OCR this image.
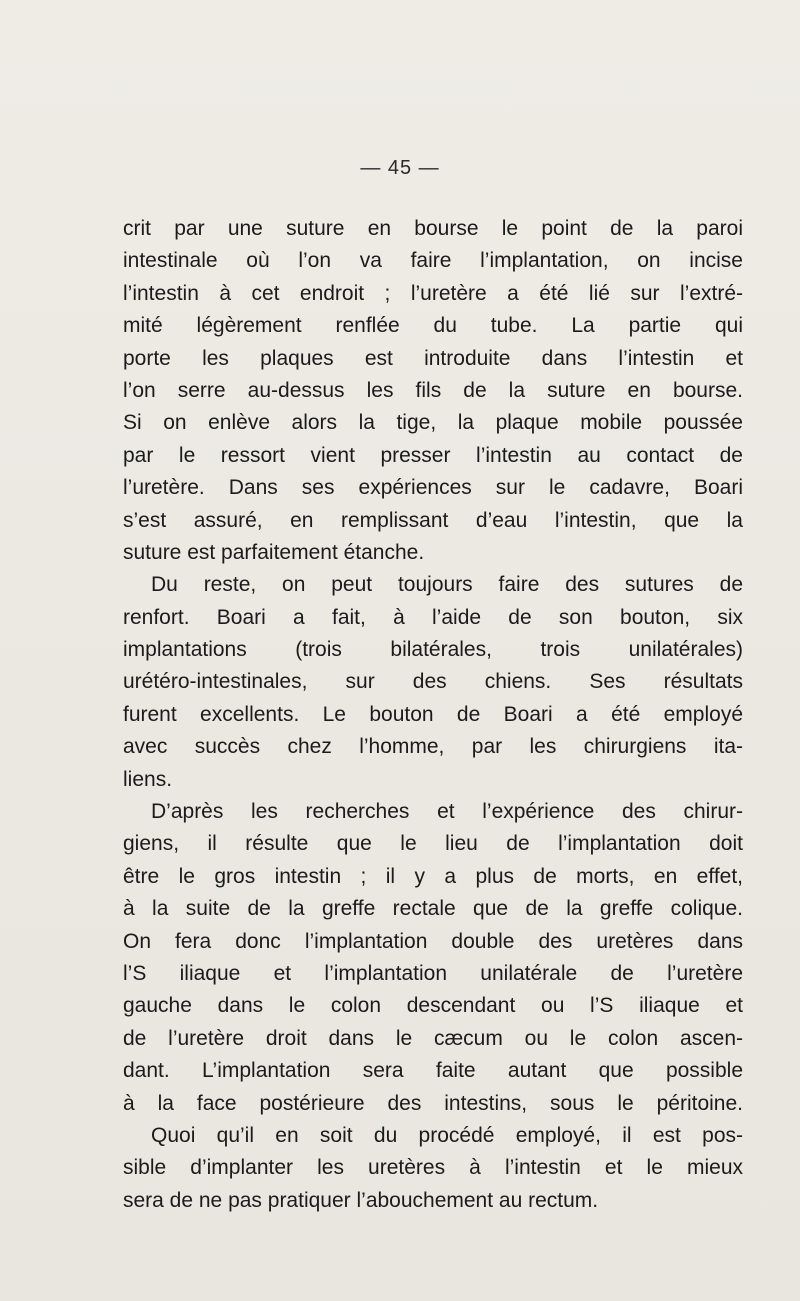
— 45 —
crit par une suture en bourse le point de la paroi
intestinale où l’on va faire l’implantation, on incise
l’intestin à cet endroit ; l’uretère a été lié sur l’extré-
mité légèrement renflée du tube. La partie qui
porte les plaques est introduite dans l’intestin et
l’on serre au-dessus les fils de la suture en bourse.
Si on enlève alors la tige, la plaque mobile poussée
par le ressort vient presser l’intestin au contact de
l’uretère. Dans ses expériences sur le cadavre, Boari
s’est assuré, en remplissant d’eau l’intestin, que la
suture est parfaitement étanche.
Du reste, on peut toujours faire des sutures de
renfort. Boari a fait, à l’aide de son bouton, six
implantations (trois bilatérales, trois unilatérales)
urétéro-intestinales, sur des chiens. Ses résultats
furent excellents. Le bouton de Boari a été employé
avec succès chez l’homme, par les chirurgiens ita-
liens.
D’après les recherches et l’expérience des chirur-
giens, il résulte que le lieu de l’implantation doit
être le gros intestin ; il y a plus de morts, en effet,
à la suite de la greffe rectale que de la greffe colique.
On fera donc l’implantation double des uretères dans
l’S iliaque et l’implantation unilatérale de l’uretère
gauche dans le colon descendant ou l’S iliaque et
de l’uretère droit dans le cæcum ou le colon ascen-
dant. L’implantation sera faite autant que possible
à la face postérieure des intestins, sous le péritoine.
Quoi qu’il en soit du procédé employé, il est pos-
sible d’implanter les uretères à l’intestin et le mieux
sera de ne pas pratiquer l’abouchement au rectum.
